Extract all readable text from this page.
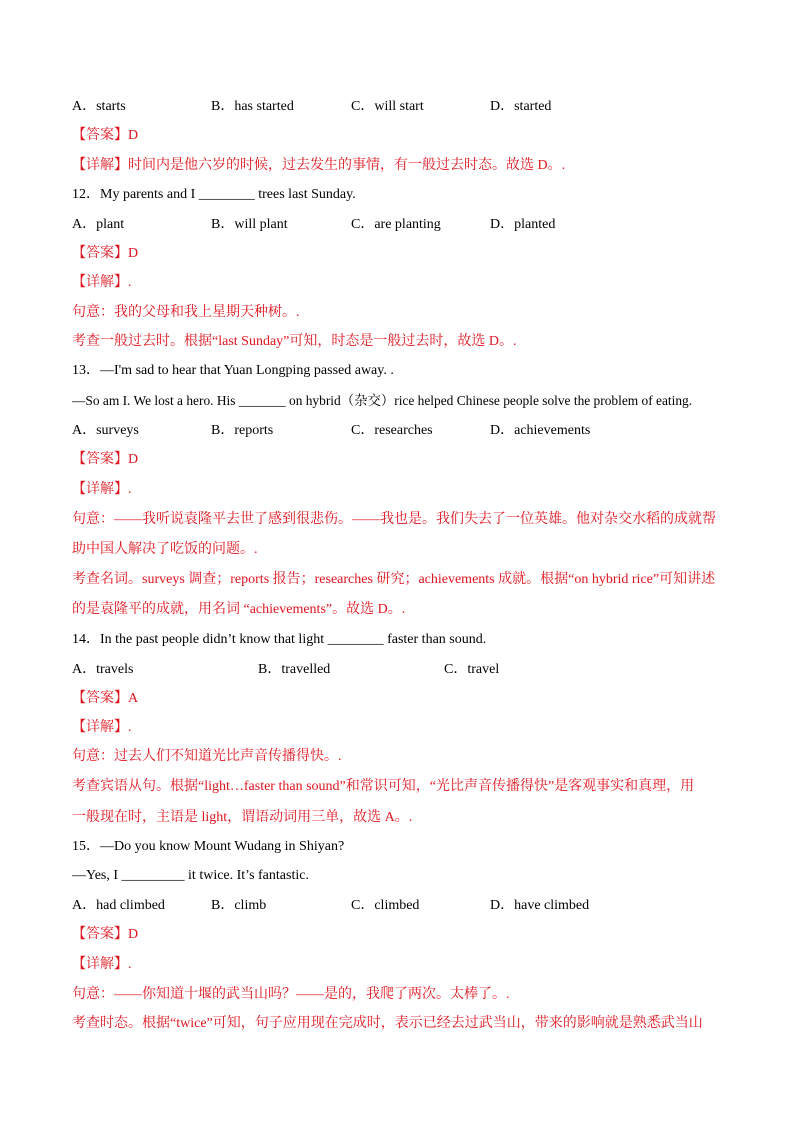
A．starts	B．has started	C．will start	D．started
【答案】D
【详解】时间内是他六岁的时候，过去发生的事情，有一般过去时态。故选 D。.
12．My parents and I ________ trees last Sunday.
A．plant	B．will plant	C．are planting	D．planted
【答案】D
【详解】.
句意：我的父母和我上星期天种树。.
考查一般过去时。根据“last Sunday”可知，时态是一般过去时，故选 D。.
13．—I'm sad to hear that Yuan Longping passed away. .
—So am I. We lost a hero. His _______ on hybrid（杂交）rice helped Chinese people solve the problem of eating.
A．surveys	B．reports	C．researches	D．achievements
【答案】D
【详解】.
句意：——我听说袁隆平去世了感到很悲伤。——我也是。我们失去了一位英雄。他对杂交水稻的成就帮
助中国人解决了吃饭的问题。.
考查名词。surveys 调查；reports 报告；researches 研究；achievements 成就。根据“on hybrid rice”可知讲述
的是袁隆平的成就，用名词 “achievements”。故选 D。.
14．In the past people didn’t know that light ________ faster than sound.
A．travels	B．travelled	C．travel
【答案】A
【详解】.
句意：过去人们不知道光比声音传播得快。.
考查宾语从句。根据“light…faster than sound”和常识可知，“光比声音传播得快”是客观事实和真理，用
一般现在时，主语是 light，谓语动词用三单，故选 A。.
15．—Do you know Mount Wudang in Shiyan?
—Yes, I _________ it twice. It’s fantastic.
A．had climbed	B．climb	C．climbed	D．have climbed
【答案】D
【详解】.
句意：——你知道十堰的武当山吗？——是的，我爬了两次。太棒了。.
考查时态。根据“twice”可知，句子应用现在完成时，表示已经去过武当山，带来的影响就是熟悉武当山
